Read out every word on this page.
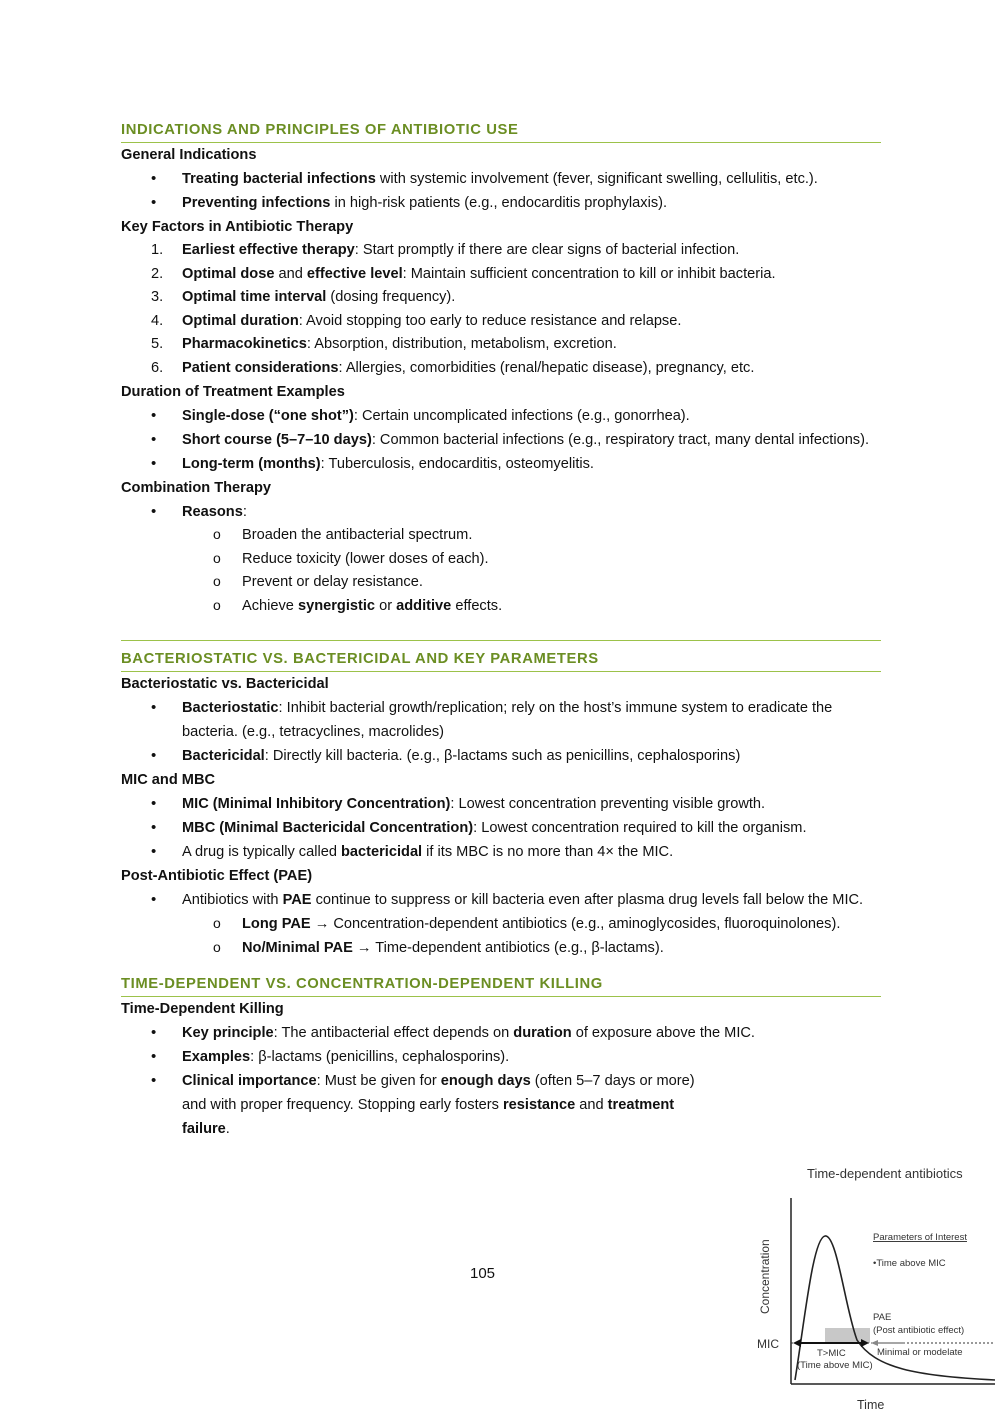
INDICATIONS AND PRINCIPLES OF ANTIBIOTIC USE

General Indications

• Treating bacterial infections with systemic involvement (fever, significant swelling, cellulitis, etc.).
• Preventing infections in high-risk patients (e.g., endocarditis prophylaxis).

Key Factors in Antibiotic Therapy

1. Earliest effective therapy: Start promptly if there are clear signs of bacterial infection.
2. Optimal dose and effective level: Maintain sufficient concentration to kill or inhibit bacteria.
3. Optimal time interval (dosing frequency).
4. Optimal duration: Avoid stopping too early to reduce resistance and relapse.
5. Pharmacokinetics: Absorption, distribution, metabolism, excretion.
6. Patient considerations: Allergies, comorbidities (renal/hepatic disease), pregnancy, etc.

Duration of Treatment Examples

• Single-dose (“one shot”): Certain uncomplicated infections (e.g., gonorrhea).
• Short course (5–7–10 days): Common bacterial infections (e.g., respiratory tract, many dental infections).
• Long-term (months): Tuberculosis, endocarditis, osteomyelitis.

Combination Therapy

• Reasons:
o Broaden the antibacterial spectrum.
o Reduce toxicity (lower doses of each).
o Prevent or delay resistance.
o Achieve synergistic or additive effects.
BACTERIOSTATIC VS. BACTERICIDAL AND KEY PARAMETERS

Bacteriostatic vs. Bactericidal

• Bacteriostatic: Inhibit bacterial growth/replication; rely on the host’s immune system to eradicate the bacteria. (e.g., tetracyclines, macrolides)
• Bactericidal: Directly kill bacteria. (e.g., β-lactams such as penicillins, cephalosporins)

MIC and MBC

• MIC (Minimal Inhibitory Concentration): Lowest concentration preventing visible growth.
• MBC (Minimal Bactericidal Concentration): Lowest concentration required to kill the organism.
• A drug is typically called bactericidal if its MBC is no more than 4× the MIC.

Post-Antibiotic Effect (PAE)

• Antibiotics with PAE continue to suppress or kill bacteria even after plasma drug levels fall below the MIC.
o Long PAE → Concentration-dependent antibiotics (e.g., aminoglycosides, fluoroquinolones).
o No/Minimal PAE → Time-dependent antibiotics (e.g., β-lactams).
TIME-DEPENDENT VS. CONCENTRATION-DEPENDENT KILLING

Time-Dependent Killing

• Key principle: The antibacterial effect depends on duration of exposure above the MIC.
• Examples: β-lactams (penicillins, cephalosporins).
• Clinical importance: Must be given for enough days (often 5–7 days or more) and with proper frequency. Stopping early fosters resistance and treatment failure.
105
Time-dependent antibiotics
Concentration
Time
MIC
Parameters of Interest
•Time above MIC
PAE
(Post antibiotic effect)
T>MIC
(Time above MIC)
Minimal or modelate
